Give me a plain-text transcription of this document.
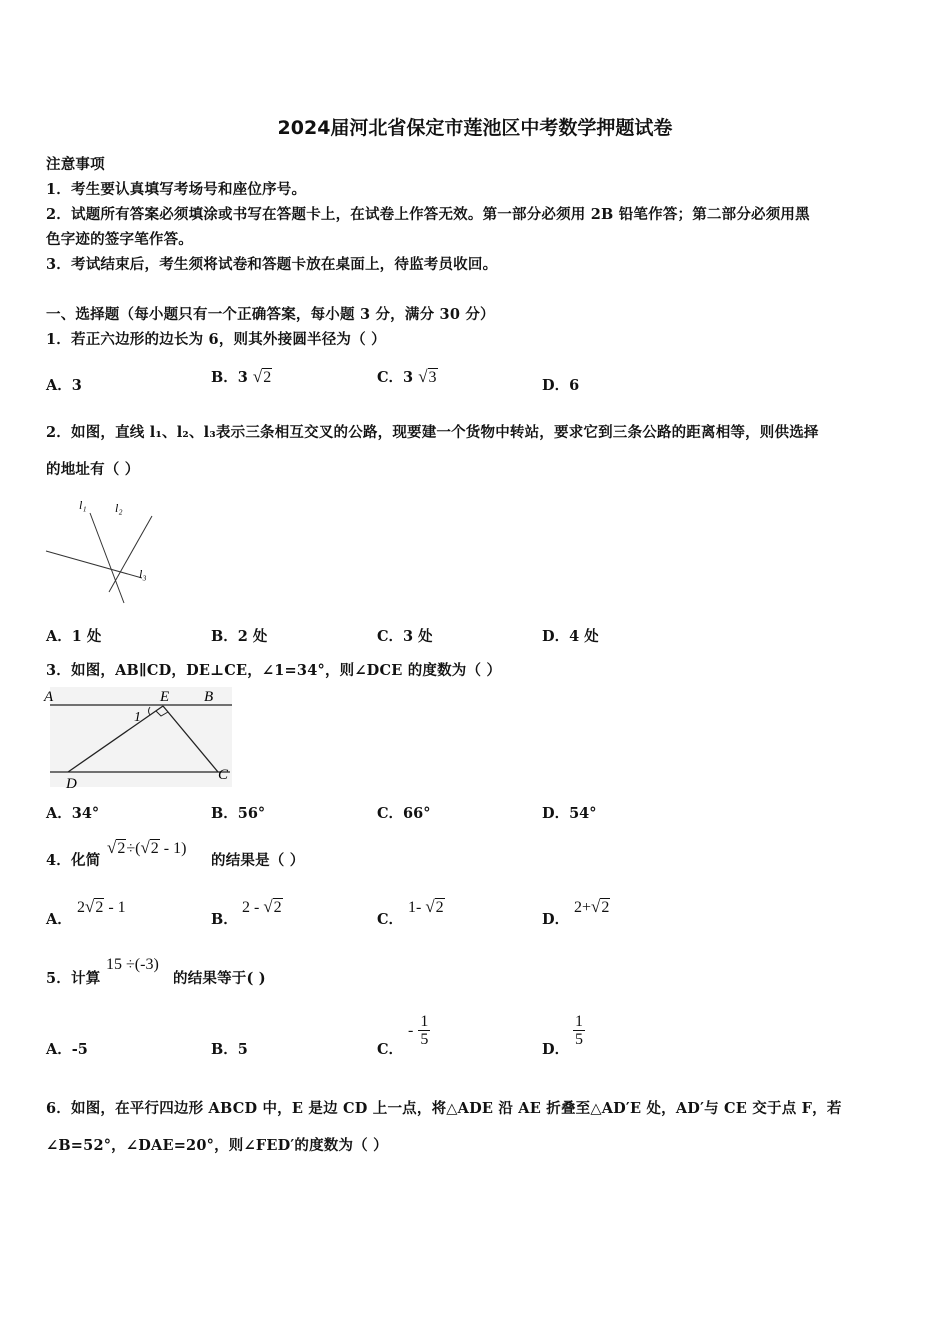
2024届河北省保定市莲池区中考数学押题试卷
注意事项
1．考生要认真填写考场号和座位序号。
2．试题所有答案必须填涂或书写在答题卡上，在试卷上作答无效。第一部分必须用 2B 铅笔作答；第二部分必须用黑
色字迹的签字笔作答。
3．考试结束后，考生须将试卷和答题卡放在桌面上，待监考员收回。
一、选择题（每小题只有一个正确答案，每小题 3 分，满分 30 分）
1．若正六边形的边长为 6，则其外接圆半径为（ ）
A．3	B．3 √2	C．3 √3	D．6
2．如图，直线 l₁、l₂、l₃表示三条相互交叉的公路，现要建一个货物中转站，要求它到三条公路的距离相等，则供选择
的地址有（ ）
l₁ l₂
l₃
A．1 处	B．2 处	C．3 处	D．4 处
3．如图，AB∥CD，DE⊥CE，∠1=34°，则∠DCE 的度数为（ ）
A	E B
1
D
C
A．34°	B．56°	C．66°	D．54°
4．化简
√2÷(√2 - 1)
的结果是（ ）
A．
2√2 - 1
B．
2 - √2
C．
1- √2
D．
2+√2
5．计算
15 ÷(-3)
的结果等于( )
A．-5	B．5	C．
- $\frac{1}{5}$
D．
$\frac{1}{5}$
6．如图，在平行四边形 ABCD 中，E 是边 CD 上一点，将△ADE 沿 AE 折叠至△AD′E 处，AD′与 CE 交于点 F，若
∠B=52°，∠DAE=20°，则∠FED′的度数为（ ）
